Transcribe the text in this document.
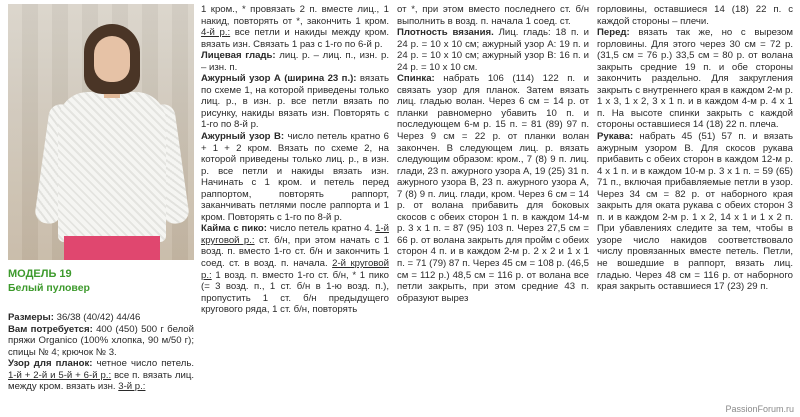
МОДЕЛЬ 19
Белый пуловер

Размеры: 36/38 (40/42) 44/46

Вам потребуется: 400 (450) 500 г белой пряжи Organico (100% хлопка, 90 м/50 г); спицы № 4; крючок № 3.

Узор для планок: четное число петель. 1-й + 2-й и 5-й + 6-й р.: все п. вязать лиц. между кром. вязать изн. 3-й р.:

1 кром., * провязать 2 п. вместе лиц., 1 накид, повторять от *, закончить 1 кром. 4-й р.: все петли и накиды между кром. вязать изн. Связать 1 раз с 1-го по 6-й р.

Лицевая гладь: лиц. р. – лиц. п., изн. р. – изн. п.

Ажурный узор А (ширина 23 п.): вязать по схеме 1, на которой приведены только лиц. р., в изн. р. все петли вязать по рисунку, накиды вязать изн. Повторять с 1-го по 8-й р.

Ажурный узор В: число петель кратно 6 + 1 + 2 кром. Вязать по схеме 2, на которой приведены только лиц. р., в изн. р. все петли и накиды вязать изн. Начинать с 1 кром. и петель перед раппортом, повторять раппорт, заканчивать петлями после раппорта и 1 кром. Повторять с 1-го по 8-й р.

Кайма с пико: число петель кратно 4. 1-й круговой р.: ст. б/н, при этом начать с 1 возд. п. вместо 1-го ст. б/н и закончить 1 соед. ст. в возд. п. начала. 2-й круговой р.: 1 возд. п. вместо 1-го ст. б/н, * 1 пико (= 3 возд. п., 1 ст. б/н в 1-ю возд. п.), пропустить 1 ст. б/н предыдущего кругового ряда, 1 ст. б/н, повторять

от *, при этом вместо последнего ст. б/н выполнить в возд. п. начала 1 соед. ст.

Плотность вязания. Лиц. гладь: 18 п. и 24 р. = 10 х 10 см; ажурный узор А: 19 п. и 24 р. = 10 х 10 см; ажурный узор В: 16 п. и 24 р. = 10 х 10 см.

Спинка: набрать 106 (114) 122 п. и связать узор для планок. Затем вязать лиц. гладью волан. Через 6 см = 14 р. от планки равномерно убавить 10 п. и последующем 6-м р. 15 п. = 81 (89) 97 п. Через 9 см = 22 р. от планки волан закончен. В следующем лиц. р. вязать следующим образом: кром., 7 (8) 9 п. лиц. глади, 23 п. ажурного узора А, 19 (25) 31 п. ажурного узора В, 23 п. ажурного узора А, 7 (8) 9 п. лиц. глади, кром. Через 6 см = 14 р. от волана прибавить для боковых скосов с обеих сторон 1 п. в каждом 14-м р. 3 х 1 п. = 87 (95) 103 п. Через 27,5 см = 66 р. от волана закрыть для пройм с обеих сторон 4 п. и в каждом 2-м р. 2 х 2 и 1 х 1 п. = 71 (79) 87 п. Через 45 см = 108 р. (46,5 см = 112 р.) 48,5 см = 116 р. от волана все петли закрыть, при этом средние 43 п. образуют вырез

горловины, оставшиеся 14 (18) 22 п. с каждой стороны – плечи.

Перед: вязать так же, но с вырезом горловины. Для этого через 30 см = 72 р. (31,5 см = 76 р.) 33,5 см = 80 р. от волана закрыть средние 19 п. и обе стороны закончить раздельно. Для закругления закрыть с внутреннего края в каждом 2-м р. 1 х 3, 1 х 2, 3 х 1 п. и в каждом 4-м р. 4 х 1 п. На высоте спинки закрыть с каждой стороны оставшиеся 14 (18) 22 п. плеча.

Рукава: набрать 45 (51) 57 п. и вязать ажурным узором В. Для скосов рукава прибавить с обеих сторон в каждом 12-м р. 4 х 1 п. и в каждом 10-м р. 3 х 1 п. = 59 (65) 71 п., включая прибавляемые петли в узор. Через 34 см = 82 р. от наборного края закрыть для оката рукава с обеих сторон 3 п. и в каждом 2-м р. 1 х 2, 14 х 1 и 1 х 2 п. При убавлениях следите за тем, чтобы в узоре число накидов соответствовало числу провязанных вместе петель. Петли, не вошедшие в раппорт, вязать лиц. гладью. Через 48 см = 116 р. от наборного края закрыть оставшиеся 17 (23) 29 п.

PassionForum.ru
